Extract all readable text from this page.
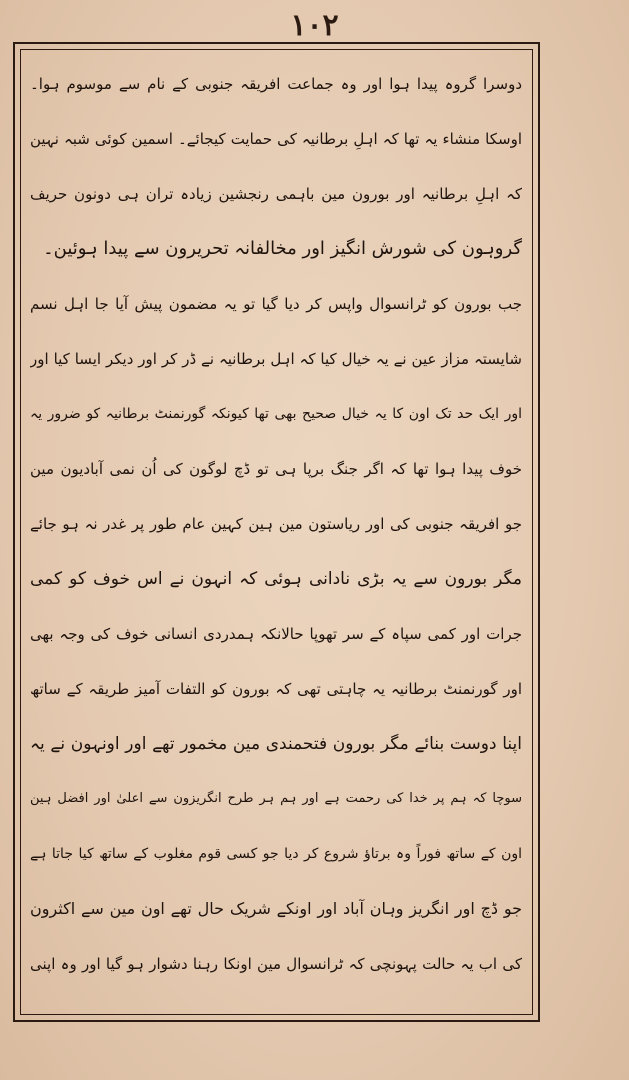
۱۰۲
دوسرا گروہ پیدا ہوا اور وہ جماعت افریقہ جنوبی کے نام سے موسوم ہوا۔
اوسکا منشاء یہ تھا کہ اہلِ برطانیہ کی حمایت کیجائے۔ اسمین کوئی شبہ نہین
کہ اہلِ برطانیہ اور بورون مین باہمی رنجشین زیادہ تران ہی دونون حریف
گروہون کی شورش انگیز اور مخالفانہ تحریرون سے پیدا ہوئین۔
جب بورون کو ٹرانسوال واپس کر دیا گیا تو یہ مضمون پیش آیا جا اہل نسم
شایستہ مزاز عین نے یہ خیال کیا کہ اہل برطانیہ نے ڈر کر اور دیکر ایسا کیا اور
اور ایک حد تک اون کا یہ خیال صحیح بھی تھا کیونکہ گورنمنٹ برطانیہ کو ضرور یہ
خوف پیدا ہوا تھا کہ اگر جنگ برپا ہی تو ڈچ لوگون کی اُن نمی آبادیون مین
جو افریقہ جنوبی کی اور ریاستون مین ہین کہین عام طور پر غدر نہ ہو جائے
مگر بورون سے یہ بڑی نادانی ہوئی کہ انہون نے اس خوف کو کمی
جرات اور کمی سپاہ کے سر تھوپا حالانکہ ہمدردی انسانی خوف کی وجہ بھی
اور گورنمنٹ برطانیہ یہ چاہتی تھی کہ بورون کو التفات آمیز طریقہ کے ساتھ
اپنا دوست بنائے مگر بورون فتحمندی مین مخمور تھے اور اونہون نے یہ
سوچا کہ ہم پر خدا کی رحمت ہے اور ہم ہر طرح انگریزون سے اعلیٰ اور افضل ہین
اون کے ساتھ فوراً وہ برتاؤ شروع کر دیا جو کسی قوم مغلوب کے ساتھ کیا جاتا ہے
جو ڈچ اور انگریز وہان آباد اور اونکے شریک حال تھے اون مین سے اکثرون
کی اب یہ حالت پہونچی کہ ٹرانسوال مین اونکا رہنا دشوار ہو گیا اور وہ اپنی
